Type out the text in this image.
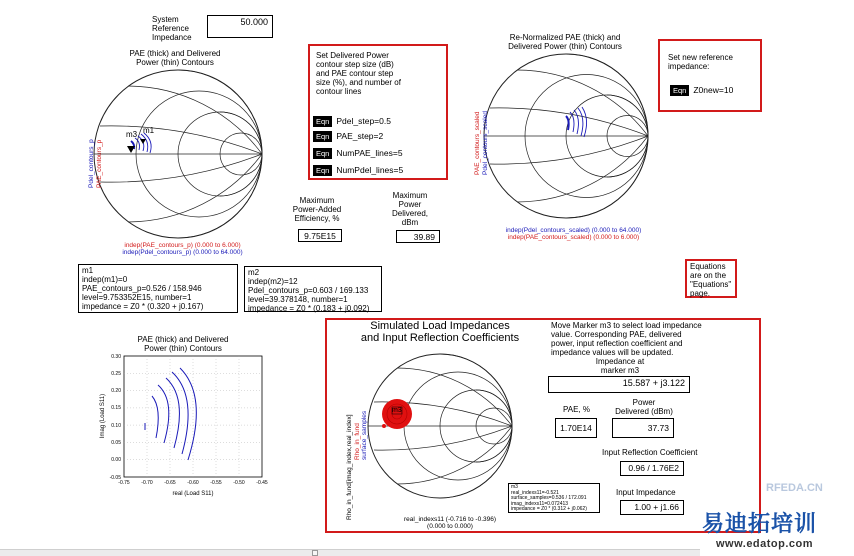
System
Reference
Impedance
50.000
PAE (thick) and Delivered
Power (thin) Contours
m3 m1
Pdel_contours_p PAE_contours_p
indep(PAE_contours_p) (0.000 to 6.000)
indep(Pdel_contours_p) (0.000 to 64.000)
Set Delivered Power
contour step size (dB)
and PAE contour step
size (%), and number of
contour lines
Eqn Pdel_step=0.5
Eqn PAE_step=2
Eqn NumPAE_lines=5
Eqn NumPdel_lines=5
Maximum
Power-Added
Efficiency, %
9.75E15
Maximum
Power
Delivered,
dBm
39.89
Re-Normalized PAE (thick) and
Delivered Power (thin) Contours
PAE_contours_scaled Pdel_contours_scaled
indep(Pdel_contours_scaled) (0.000 to 64.000)
indep(PAE_contours_scaled) (0.000 to 6.000)
Set new reference
impedance:
Eqn Z0new=10
m1
indep(m1)=0
PAE_contours_p=0.526 / 158.946
level=9.753352E15, number=1
impedance = Z0 * (0.320 + j0.167)
m2
indep(m2)=12
Pdel_contours_p=0.603 / 169.133
level=39.378148, number=1
impedance = Z0 * (0.183 + j0.092)
Equations
are on the
"Equations"
page.
PAE (thick) and Delivered
Power (thin) Contours
0.30
0.25
0.20
0.15
0.10
0.05
0.00
-0.05
-0.75 -0.70 -0.65 -0.60 -0.55 -0.50 -0.45
real (Load S11)
Imag (Load S11)
Simulated Load Impedances
and Input Reflection Coefficients
Move Marker m3 to select load impedance
value. Corresponding PAE, delivered
power, input reflection coefficient and
impedance values will be updated.
m3
Rho_in_fund[imag_index,real_index] Rho_in_fund surface_samples
real_indexs11 (-0.716 to -0.396)
(0.000 to 0.000)
m3
real_indexs11=-0.521
surface_samples=0.536 / 172.091
imag_indexs11=0.072413
impedance = Z0 * (0.312 + j0.062)
Impedance at
marker m3
15.587 + j3.122
PAE, %
1.70E14
Power
Delivered (dBm)
37.73
Input Reflection Coefficient
0.96 / 1.76E2
Input Impedance
1.00 + j1.66
RFEDA.CN
易迪拓培训
www.edatop.com
